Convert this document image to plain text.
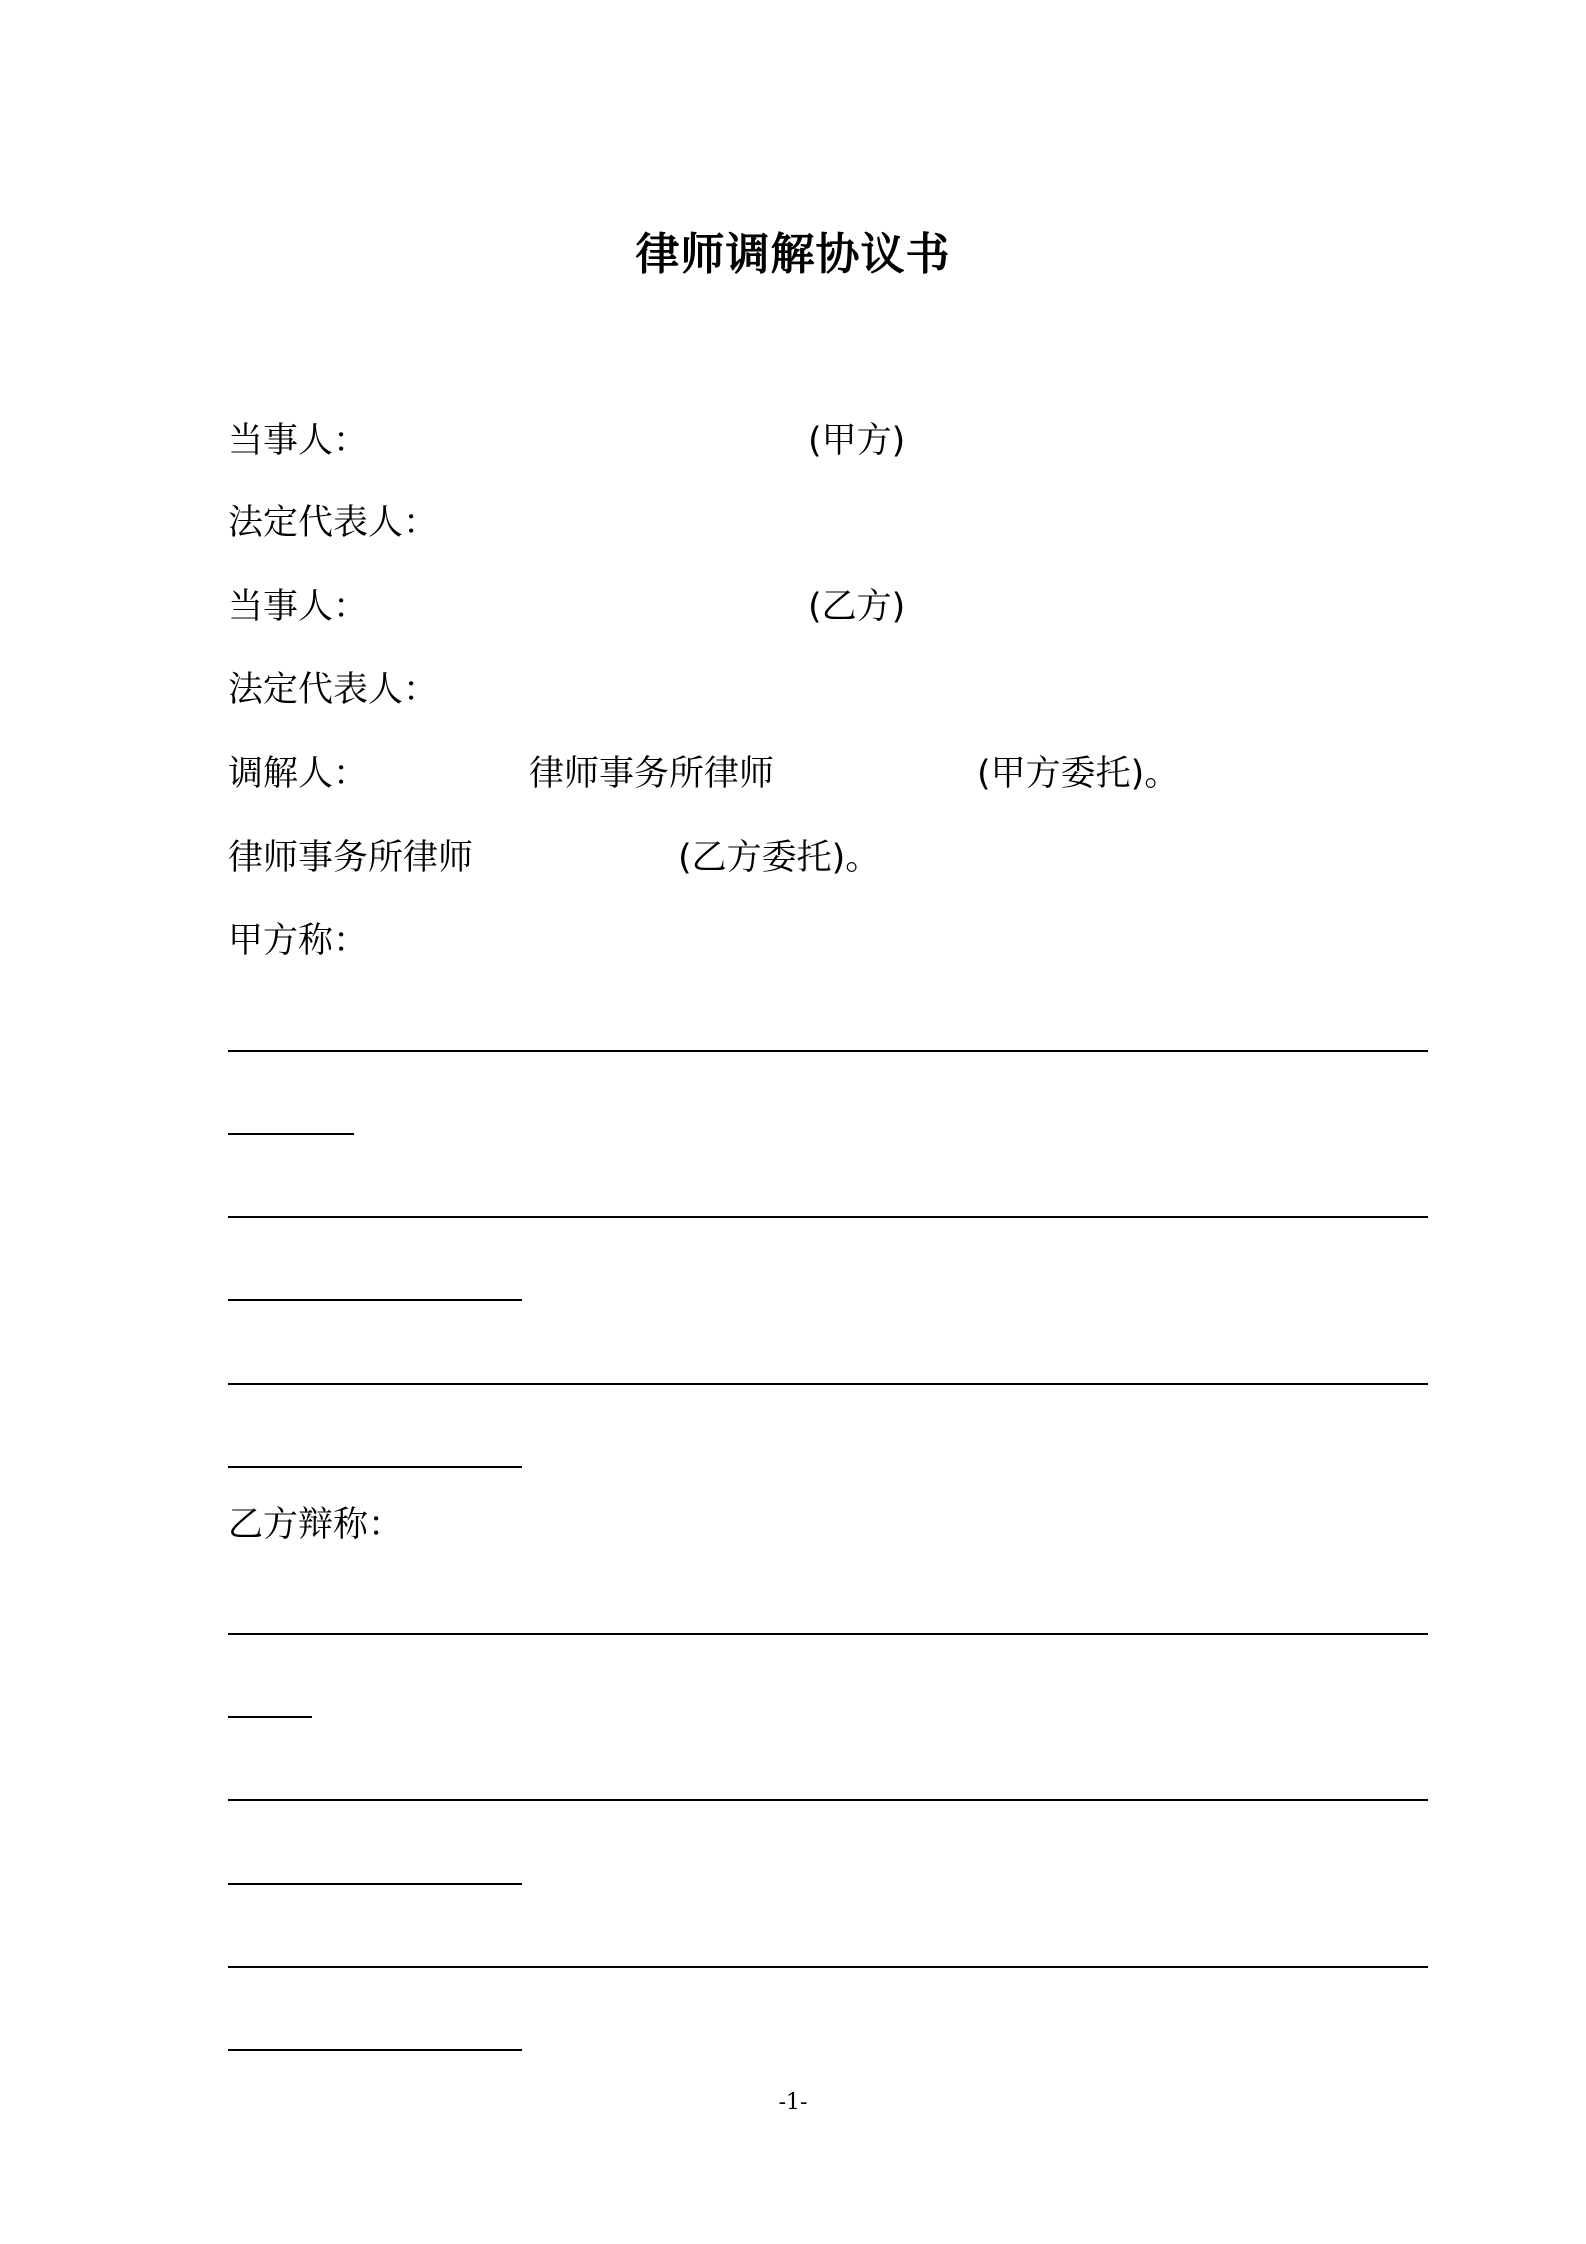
律师调解协议书
当事人：	(甲方)
法定代表人：
当事人：	(乙方)
法定代表人：
调解人：	律师事务所律师	(甲方委托)。
律师事务所律师	(乙方委托)。
甲方称：
乙方辩称：
-1-
